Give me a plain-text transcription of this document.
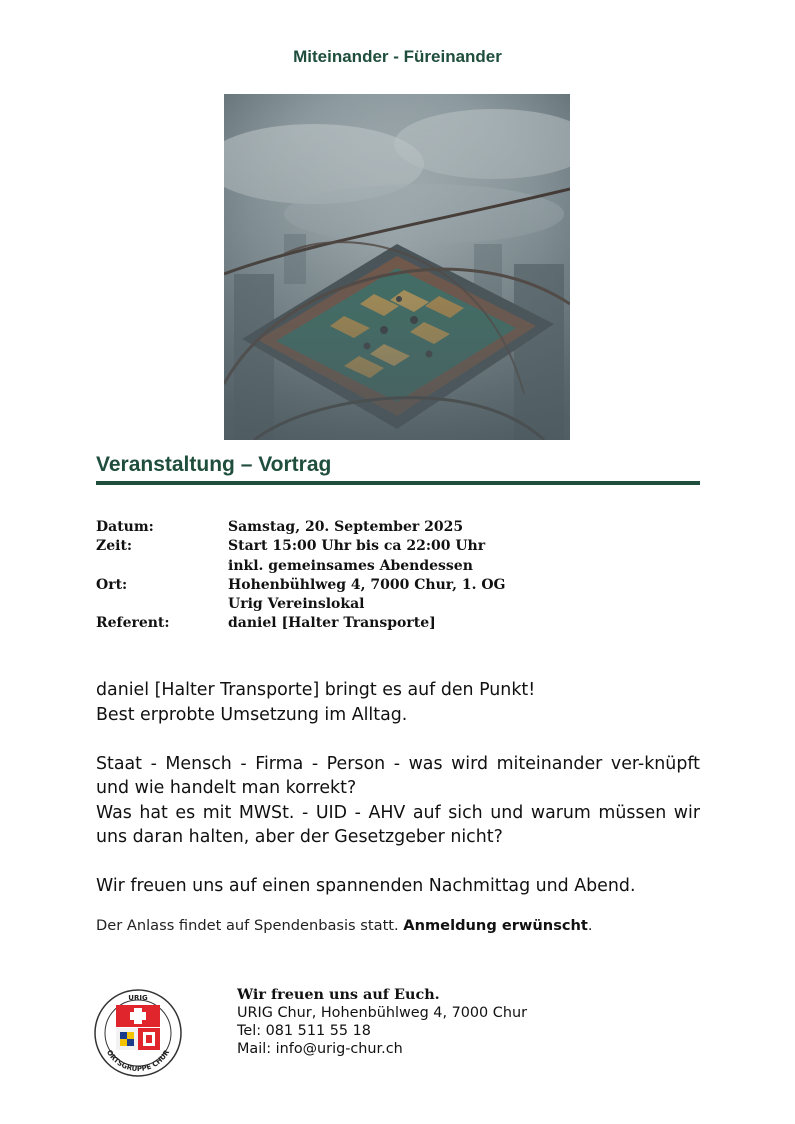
Miteinander - Füreinander
Veranstaltung – Vortrag
Datum:	Samstag, 20. September 2025
Zeit:	Start 15:00 Uhr bis ca 22:00 Uhr
inkl. gemeinsames Abendessen
Ort:	Hohenbühlweg 4, 7000 Chur, 1. OG
Urig Vereinslokal
Referent:	daniel [Halter Transporte]

daniel [Halter Transporte] bringt es auf den Punkt!

Best erprobte Umsetzung im Alltag.

Staat - Mensch - Firma - Person - was wird miteinander ver-knüpft und wie handelt man korrekt?

Was hat es mit MWSt. - UID - AHV auf sich und warum müssen wir uns daran halten, aber der Gesetzgeber nicht?

Wir freuen uns auf einen spannenden Nachmittag und Abend.

Der Anlass findet auf Spendenbasis statt. Anmeldung erwünscht.
URIG
ORTSGRUPPE CHUR
Wir freuen uns auf Euch.
URIG Chur, Hohenbühlweg 4, 7000 Chur
Tel: 081 511 55 18
Mail: info@urig-chur.ch
